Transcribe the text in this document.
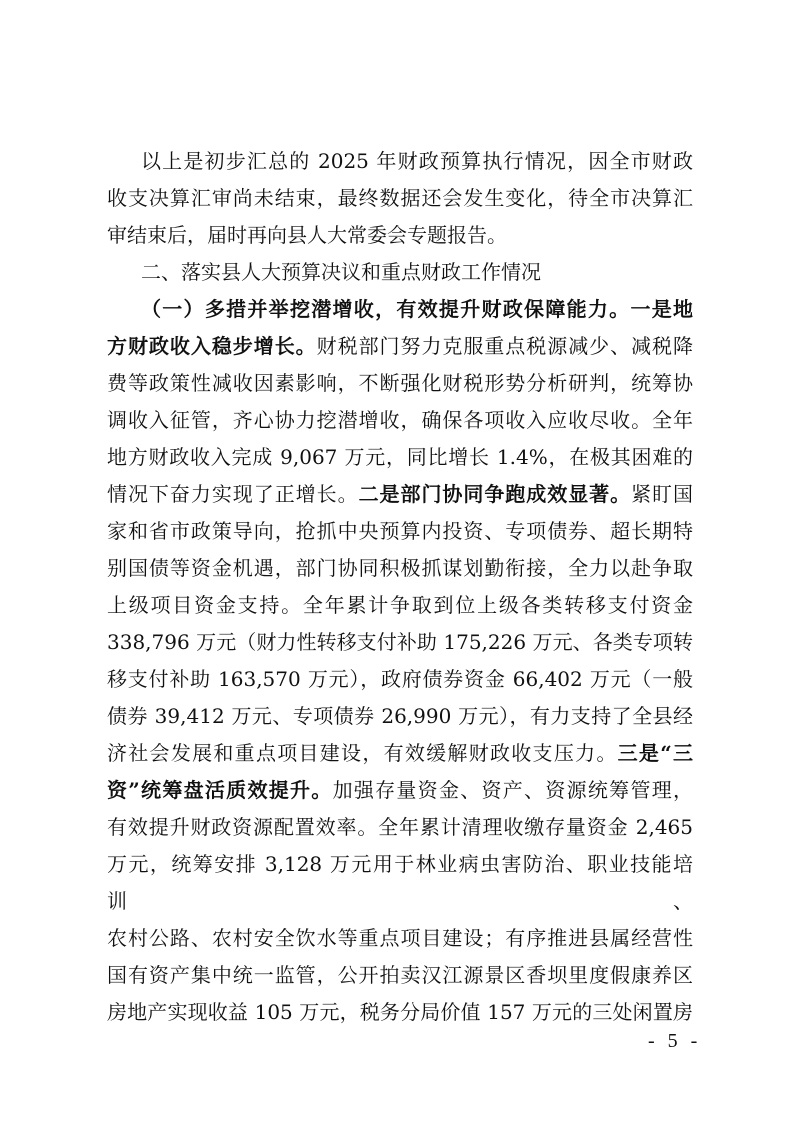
以上是初步汇总的 2025 年财政预算执行情况，因全市财政
收支决算汇审尚未结束，最终数据还会发生变化，待全市决算汇
审结束后，届时再向县人大常委会专题报告。
二、落实县人大预算决议和重点财政工作情况
（一）多措并举挖潜增收，有效提升财政保障能力。一是地
方财政收入稳步增长。财税部门努力克服重点税源减少、减税降
费等政策性减收因素影响，不断强化财税形势分析研判，统筹协
调收入征管，齐心协力挖潜增收，确保各项收入应收尽收。全年
地方财政收入完成 9,067 万元，同比增长 1.4%，在极其困难的
情况下奋力实现了正增长。二是部门协同争跑成效显著。紧盯国
家和省市政策导向，抢抓中央预算内投资、专项债券、超长期特
别国债等资金机遇，部门协同积极抓谋划勤衔接，全力以赴争取
上级项目资金支持。全年累计争取到位上级各类转移支付资金
338,796 万元（财力性转移支付补助 175,226 万元、各类专项转
移支付补助 163,570 万元），政府债券资金 66,402 万元（一般
债券 39,412 万元、专项债券 26,990 万元），有力支持了全县经
济社会发展和重点项目建设，有效缓解财政收支压力。三是“三
资”统筹盘活质效提升。加强存量资金、资产、资源统筹管理，
有效提升财政资源配置效率。全年累计清理收缴存量资金 2,465
万元，统筹安排 3,128 万元用于林业病虫害防治、职业技能培训、
农村公路、农村安全饮水等重点项目建设；有序推进县属经营性
国有资产集中统一监管，公开拍卖汉江源景区香坝里度假康养区
房地产实现收益 105 万元，税务分局价值 157 万元的三处闲置房
- 5 -
